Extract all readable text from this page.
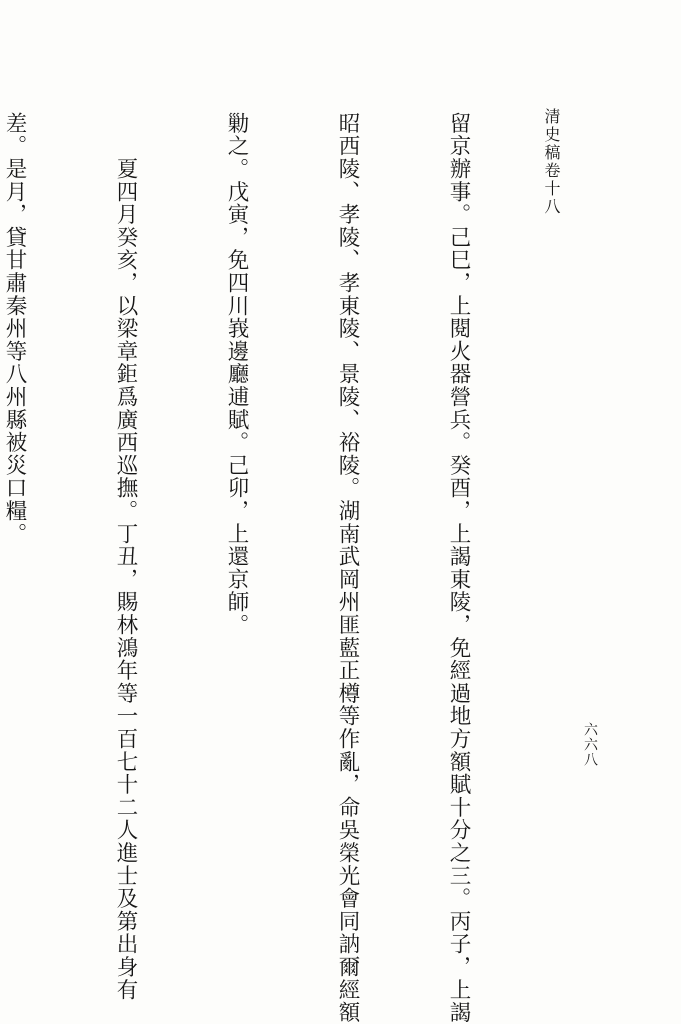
清史稿卷十八
六六八

留京辦事。己巳，上閱火器營兵。癸酉，上謁東陵，免經過地方額賦十分之三。丙子，上謁

昭西陵、孝陵、孝東陵、景陵、裕陵。湖南武岡州匪藍正樽等作亂，命吳榮光會同訥爾經額

勦之。戊寅，免四川峩邊廳逋賦。己卯，上還京師。

　　夏四月癸亥，以梁章鉅爲廣西巡撫。丁丑，賜林鴻年等一百七十二人進士及第出身有

差。是月，貸甘肅秦州等八州縣被災口糧。
